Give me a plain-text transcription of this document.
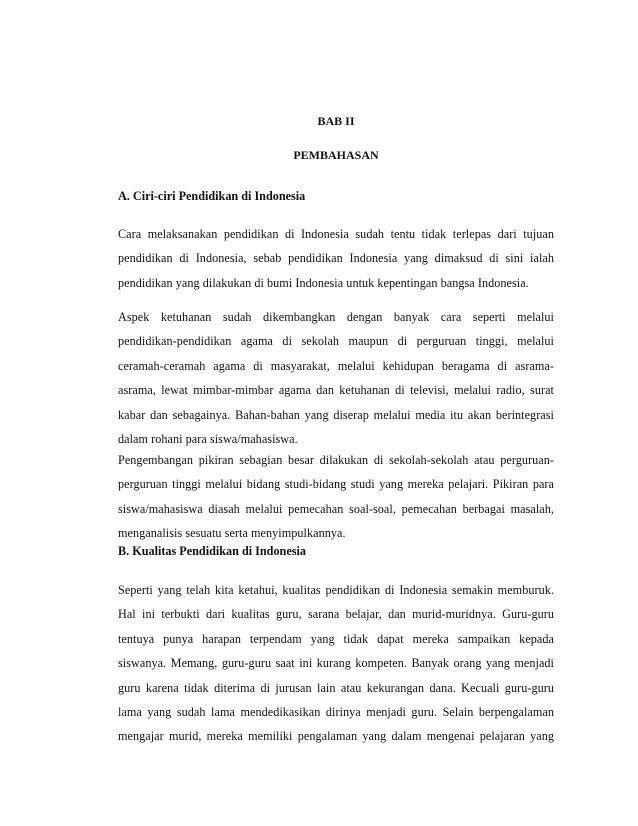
BAB II
PEMBAHASAN
A. Ciri-ciri Pendidikan di Indonesia

Cara melaksanakan pendidikan di Indonesia sudah tentu tidak terlepas dari tujuan
pendidikan di Indonesia, sebab pendidikan Indonesia yang dimaksud di sini ialah
pendidikan yang dilakukan di bumi Indonesia untuk kepentingan bangsa Indonesia.

Aspek ketuhanan sudah dikembangkan dengan banyak cara seperti melalui
pendidikan-pendidikan agama di sekolah maupun di perguruan tinggi, melalui
ceramah-ceramah agama di masyarakat, melalui kehidupan beragama di asrama-
asrama, lewat mimbar-mimbar agama dan ketuhanan di televisi, melalui radio, surat
kabar dan sebagainya. Bahan-bahan yang diserap melalui media itu akan berintegrasi
dalam rohani para siswa/mahasiswa.

Pengembangan pikiran sebagian besar dilakukan di sekolah-sekolah atau perguruan-
perguruan tinggi melalui bidang studi-bidang studi yang mereka pelajari. Pikiran para
siswa/mahasiswa diasah melalui pemecahan soal-soal, pemecahan berbagai masalah,
menganalisis sesuatu serta menyimpulkannya.

B. Kualitas Pendidikan di Indonesia

Seperti yang telah kita ketahui, kualitas pendidikan di Indonesia semakin memburuk.
Hal ini terbukti dari kualitas guru, sarana belajar, dan murid-muridnya. Guru-guru
tentuya punya harapan terpendam yang tidak dapat mereka sampaikan kepada
siswanya. Memang, guru-guru saat ini kurang kompeten. Banyak orang yang menjadi
guru karena tidak diterima di jurusan lain atau kekurangan dana. Kecuali guru-guru
lama yang sudah lama mendedikasikan dirinya menjadi guru. Selain berpengalaman
mengajar murid, mereka memiliki pengalaman yang dalam mengenai pelajaran yang
